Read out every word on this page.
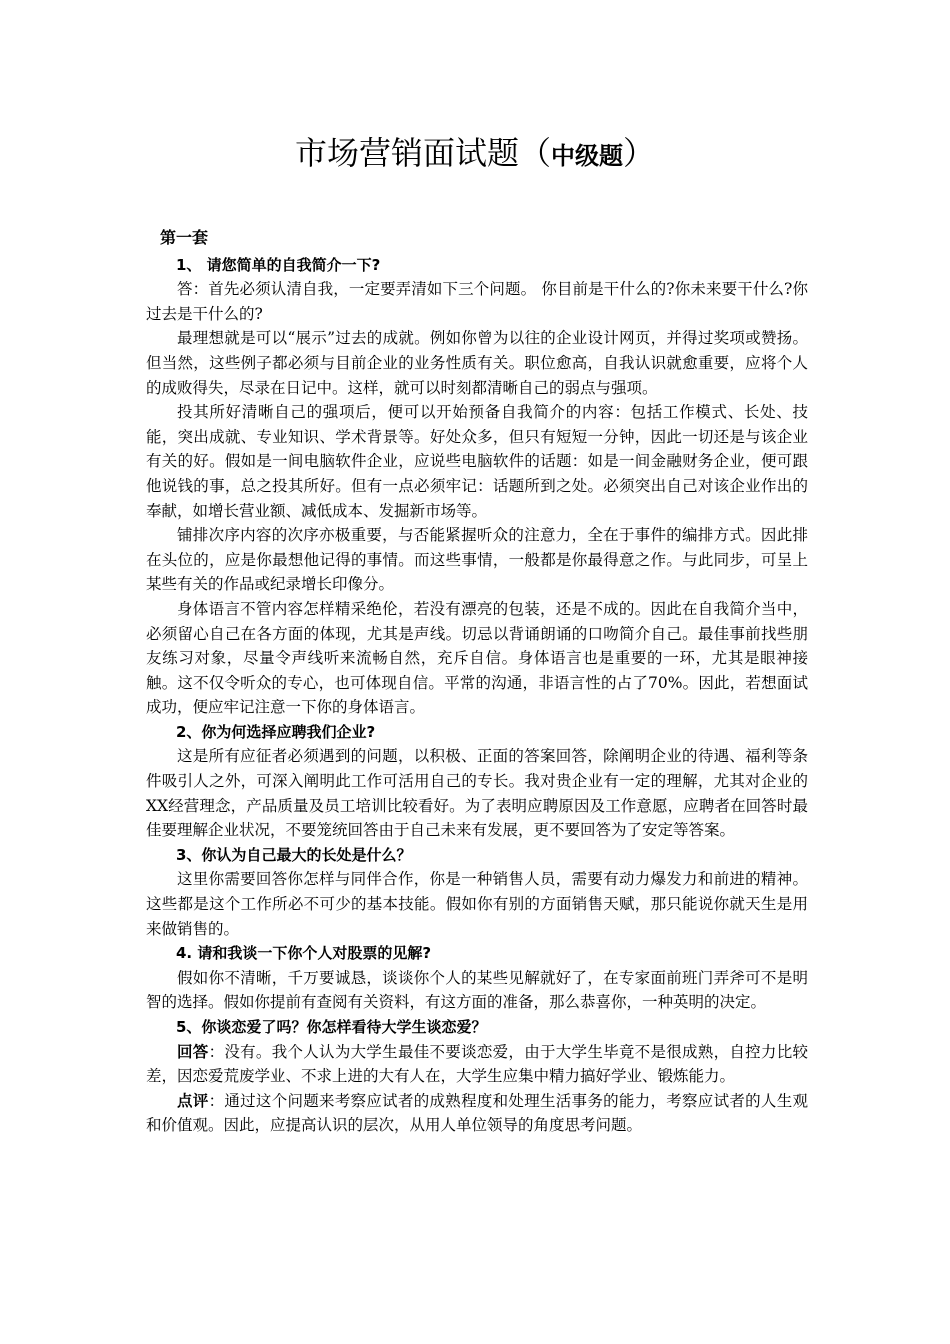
市场营销面试题（中级题）
第一套

1、 请您简单的自我简介一下?

答：首先必须认清自我，一定要弄清如下三个问题。 你目前是干什么的?你未来要干什么?你过去是干什么的?

最理想就是可以“展示”过去的成就。例如你曾为以往的企业设计网页，并得过奖项或赞扬。但当然，这些例子都必须与目前企业的业务性质有关。职位愈高，自我认识就愈重要，应将个人的成败得失，尽录在日记中。这样，就可以时刻都清晰自己的弱点与强项。

投其所好清晰自己的强项后，便可以开始预备自我简介的内容：包括工作模式、长处、技能，突出成就、专业知识、学术背景等。好处众多，但只有短短一分钟，因此一切还是与该企业有关的好。假如是一间电脑软件企业，应说些电脑软件的话题：如是一间金融财务企业，便可跟他说钱的事，总之投其所好。但有一点必须牢记：话题所到之处。必须突出自己对该企业作出的奉献，如增长营业额、减低成本、发掘新市场等。

铺排次序内容的次序亦极重要，与否能紧握听众的注意力，全在于事件的编排方式。因此排在头位的，应是你最想他记得的事情。而这些事情，一般都是你最得意之作。与此同步，可呈上某些有关的作品或纪录增长印像分。

身体语言不管内容怎样精采绝伦，若没有漂亮的包装，还是不成的。因此在自我简介当中，必须留心自己在各方面的体现，尤其是声线。切忌以背诵朗诵的口吻简介自己。最佳事前找些朋友练习对象，尽量令声线听来流畅自然，充斥自信。身体语言也是重要的一环，尤其是眼神接触。这不仅令听众的专心，也可体现自信。平常的沟通，非语言性的占了70%。因此，若想面试成功，便应牢记注意一下你的身体语言。

2、你为何选择应聘我们企业?

这是所有应征者必须遇到的问题，以积极、正面的答案回答，除阐明企业的待遇、福利等条件吸引人之外，可深入阐明此工作可活用自己的专长。我对贵企业有一定的理解，尤其对企业的XX经营理念，产品质量及员工培训比较看好。为了表明应聘原因及工作意愿，应聘者在回答时最佳要理解企业状况，不要笼统回答由于自己未来有发展，更不要回答为了安定等答案。

3、你认为自己最大的长处是什么？

这里你需要回答你怎样与同伴合作，你是一种销售人员，需要有动力爆发力和前进的精神。这些都是这个工作所必不可少的基本技能。假如你有别的方面销售天赋，那只能说你就天生是用来做销售的。

4. 请和我谈一下你个人对股票的见解?

假如你不清晰，千万要诚恳，谈谈你个人的某些见解就好了，在专家面前班门弄斧可不是明智的选择。假如你提前有查阅有关资料，有这方面的准备，那么恭喜你，一种英明的决定。

5、你谈恋爱了吗？你怎样看待大学生谈恋爱？

回答：没有。我个人认为大学生最佳不要谈恋爱，由于大学生毕竟不是很成熟，自控力比较差，因恋爱荒废学业、不求上进的大有人在，大学生应集中精力搞好学业、锻炼能力。

点评：通过这个问题来考察应试者的成熟程度和处理生活事务的能力，考察应试者的人生观和价值观。因此，应提高认识的层次，从用人单位领导的角度思考问题。
